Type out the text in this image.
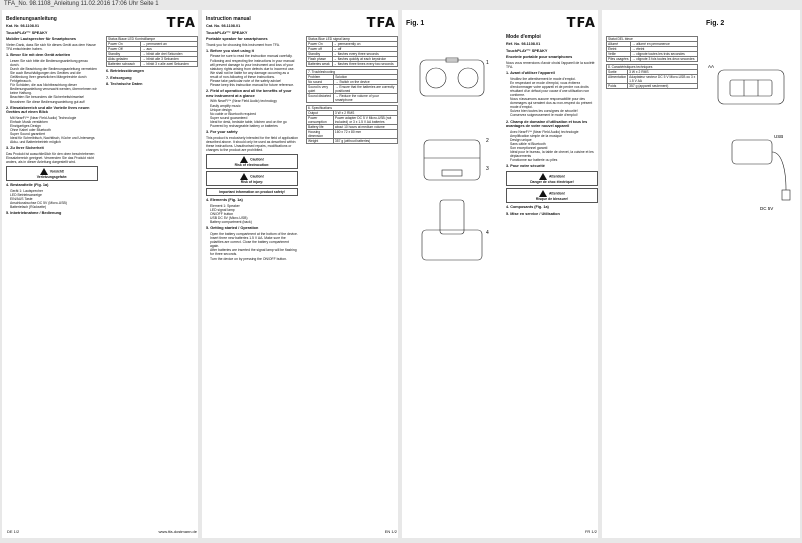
TFA_No. 98.1108_Anleitung 11.02.2016 17:06 Uhr Seite 1
Bedienungsanleitung
Kat. Nr. 98.1108.01
TouchPLAY™ SPEAKY
Mobiler Lautsprecher für Smartphones

Vielen Dank, dass Sie sich für dieses Gerät aus dem Hause TFA entschieden haben.

1. Bevor Sie mit dem Gerät arbeiten
• Lesen Sie sich bitte die Bedienungsanleitung genau durch.
• Durch die Beachtung der Bedienungsanleitung vermeiden Sie auch Beschädigungen des Gerätes und die Gefährdung Ihrer gesetzlichen Mängelrechte durch Fehlgebrauch.
• Für Schäden, die aus Nichtbeachtung dieser Bedienungsanleitung verursacht werden, übernehmen wir keine Haftung.
• Beachten Sie besonders die Sicherheitshinweise!
• Bewahren Sie diese Bedienungsanleitung gut auf!
2. Einsatzbereich und alle Vorteile Ihres neuen Gerätes auf einen Blick
• Mit NearFi™ (Near Field Audio) Technologie
• Einfach Musik verstärken
• Einzigartiges Design
• Ohne Kabel oder Bluetooth
• Super Sound garantiert
• Ideal für Schreibtisch, Nachttisch, Küche und Unterwegs
• Akku- und Batteriebetrieb möglich
3. Zu Ihrer Sicherheit

Das Produkt ist ausschließlich für den oben beschriebenen Einsatzbereich geeignet. Verwenden Sie das Produkt nicht anders, als in dieser Anleitung dargestellt wird.

Vorsicht!
Verletzungsgefahr:
4. Bestandteile (Fig. 1a)
• Gerät 1: Lautsprecher
• LED Betriebsanzeige
• EIN/AUS Taste
• Anschlussbuchse DC 5V (Micro-USB)
• Batteriefach (Rückseite)
5. Inbetriebnahme / Bedienung
DE 1/2
TFA
Status Blaue LED Kontrolllampe	
Power On	→ permanent an
Power Off	→ aus
Standby	→ blinkt alle drei Sekunden
Akku geladen	→ blinkt alle 3 Sekunden
Batterien schwach	→ blinkt 3 x alle zwei Sekunden
6. Betriebsstörungen
7. Entsorgung
8. Technische Daten
www.tfa-dostmann.de
Instruction manual
Cat. No. 98.1108.01
TouchPLAY™ SPEAKY
Portable speaker for smartphones

Thank you for choosing this instrument from TFA.

1. Before you start using it
• Please be sure to read the instruction manual carefully.
• Following and respecting the instructions in your manual will prevent damage to your instrument and loss of your statutory rights arising from defects due to incorrect use.
• We shall not be liable for any damage occurring as a result of non-following of these instructions.
• Please take particular note of the safety advice!
• Please keep this instruction manual for future reference.
2. Field of operation and all the benefits of your new instrument at a glance
• With NearFi™ (Near Field Audio) technology
• Easily amplify music
• Unique design
• No cable or Bluetooth required
• Super sound guaranteed
• Ideal for desk, bedside table, kitchen and on the go
• Powered by rechargeable battery or batteries
3. For your safety

This product is exclusively intended for the field of application described above. It should only be used as described within these instructions. Unauthorised repairs, modifications or changes to the product are prohibited.

Caution!
Risk of electrocution:
Caution!
Risk of injury:
Important information on product safety!
4. Elements (Fig. 1a)
• Element 1: Speaker
• LED signal lamp
• ON/OFF button
• USB DC 5V (Micro-USB)
• Battery compartment (back)
5. Getting started / Operation
• Open the battery compartment at the bottom of the device.
• Insert three new batteries 1.5 V AA. Make sure the polarities are correct. Close the battery compartment again.
• After batteries are inserted the signal lamp will be flashing for three seconds.
• Turn the device on by pressing the ON/OFF button.
TFA
Status Blue LED signal lamp	
Power On	→ permanently on
Power off	→ off
Standby	→ flashes every three seconds
Flash phase	→ flashes quickly at each keystroke
Batteries weak	→ flashes three times every two seconds
7. Troubleshooting	
Problem	Solution
No sound	→ Switch on the device
Sound is very quiet	→ Ensure that the batteries are correctly positioned
Sound distorted	→ Reduce the volume of your smartphone
6. Specifications	
Output	3 W x 2 RMS
Power consumption	Power adapter DC 5 V Micro-USB (not included) or 3 x 1.5 V AA batteries
Battery life	about 10 hours at medium volume
Housing dimension	160 x 72 x 80 mm
Weight	357 g (without batteries)
EN 1/2
Fig. 1
1
2
3
4
TFA
Mode d'emploi
Réf. No. 98.1108.01
TouchPLAY™ SPEAKY
Enceinte portable pour smartphones

Nous vous remercions d'avoir choisi l'appareil de la société TFA.

1. Avant d'utiliser l'appareil
• Veuillez lire attentivement le mode d'emploi.
• En respectant ce mode d'emploi, vous éviterez d'endommager votre appareil et de perdre vos droits résultant d'un défaut pour cause d'une utilisation non conforme.
• Nous n'assumons aucune responsabilité pour des dommages qui seraient dus au non-respect du présent mode d'emploi.
• Suivez bien toutes les consignes de sécurité!
• Conservez soigneusement le mode d'emploi!
2. Champ de domaine d'utilisation et tous les avantages de votre nouvel appareil
• Avec NearFi™ (Near Field Audio) technologie
• Amplification simple de la musique
• Design unique
• Sans câble ni Bluetooth
• Son exceptionnel garanti
• Idéal pour le bureau, la table de chevet, la cuisine et les déplacements
• Fonctionne sur batterie ou piles
3. Pour votre sécurité
Attention!
Danger de choc électrique!
Attention!
Risque de blessure!
4. Composants (Fig. 1a)
5. Mise en service / Utilisation
FR 1/2
Statut DEL bleue	
Allumé	→ allumé en permanence
Éteint	→ éteint
Veille	→ clignote toutes les trois secondes
Piles usagées	→ clignote 3 fois toutes les deux secondes
8. Caractéristiques techniques	
Sortie	3 W x 2 RMS
Alimentation	Adaptateur secteur DC 5 V Micro-USB ou 3 x 1.5 V AA
Poids	357 g (appareil seulement)
Fig. 2
AA
USB
DC 5V
